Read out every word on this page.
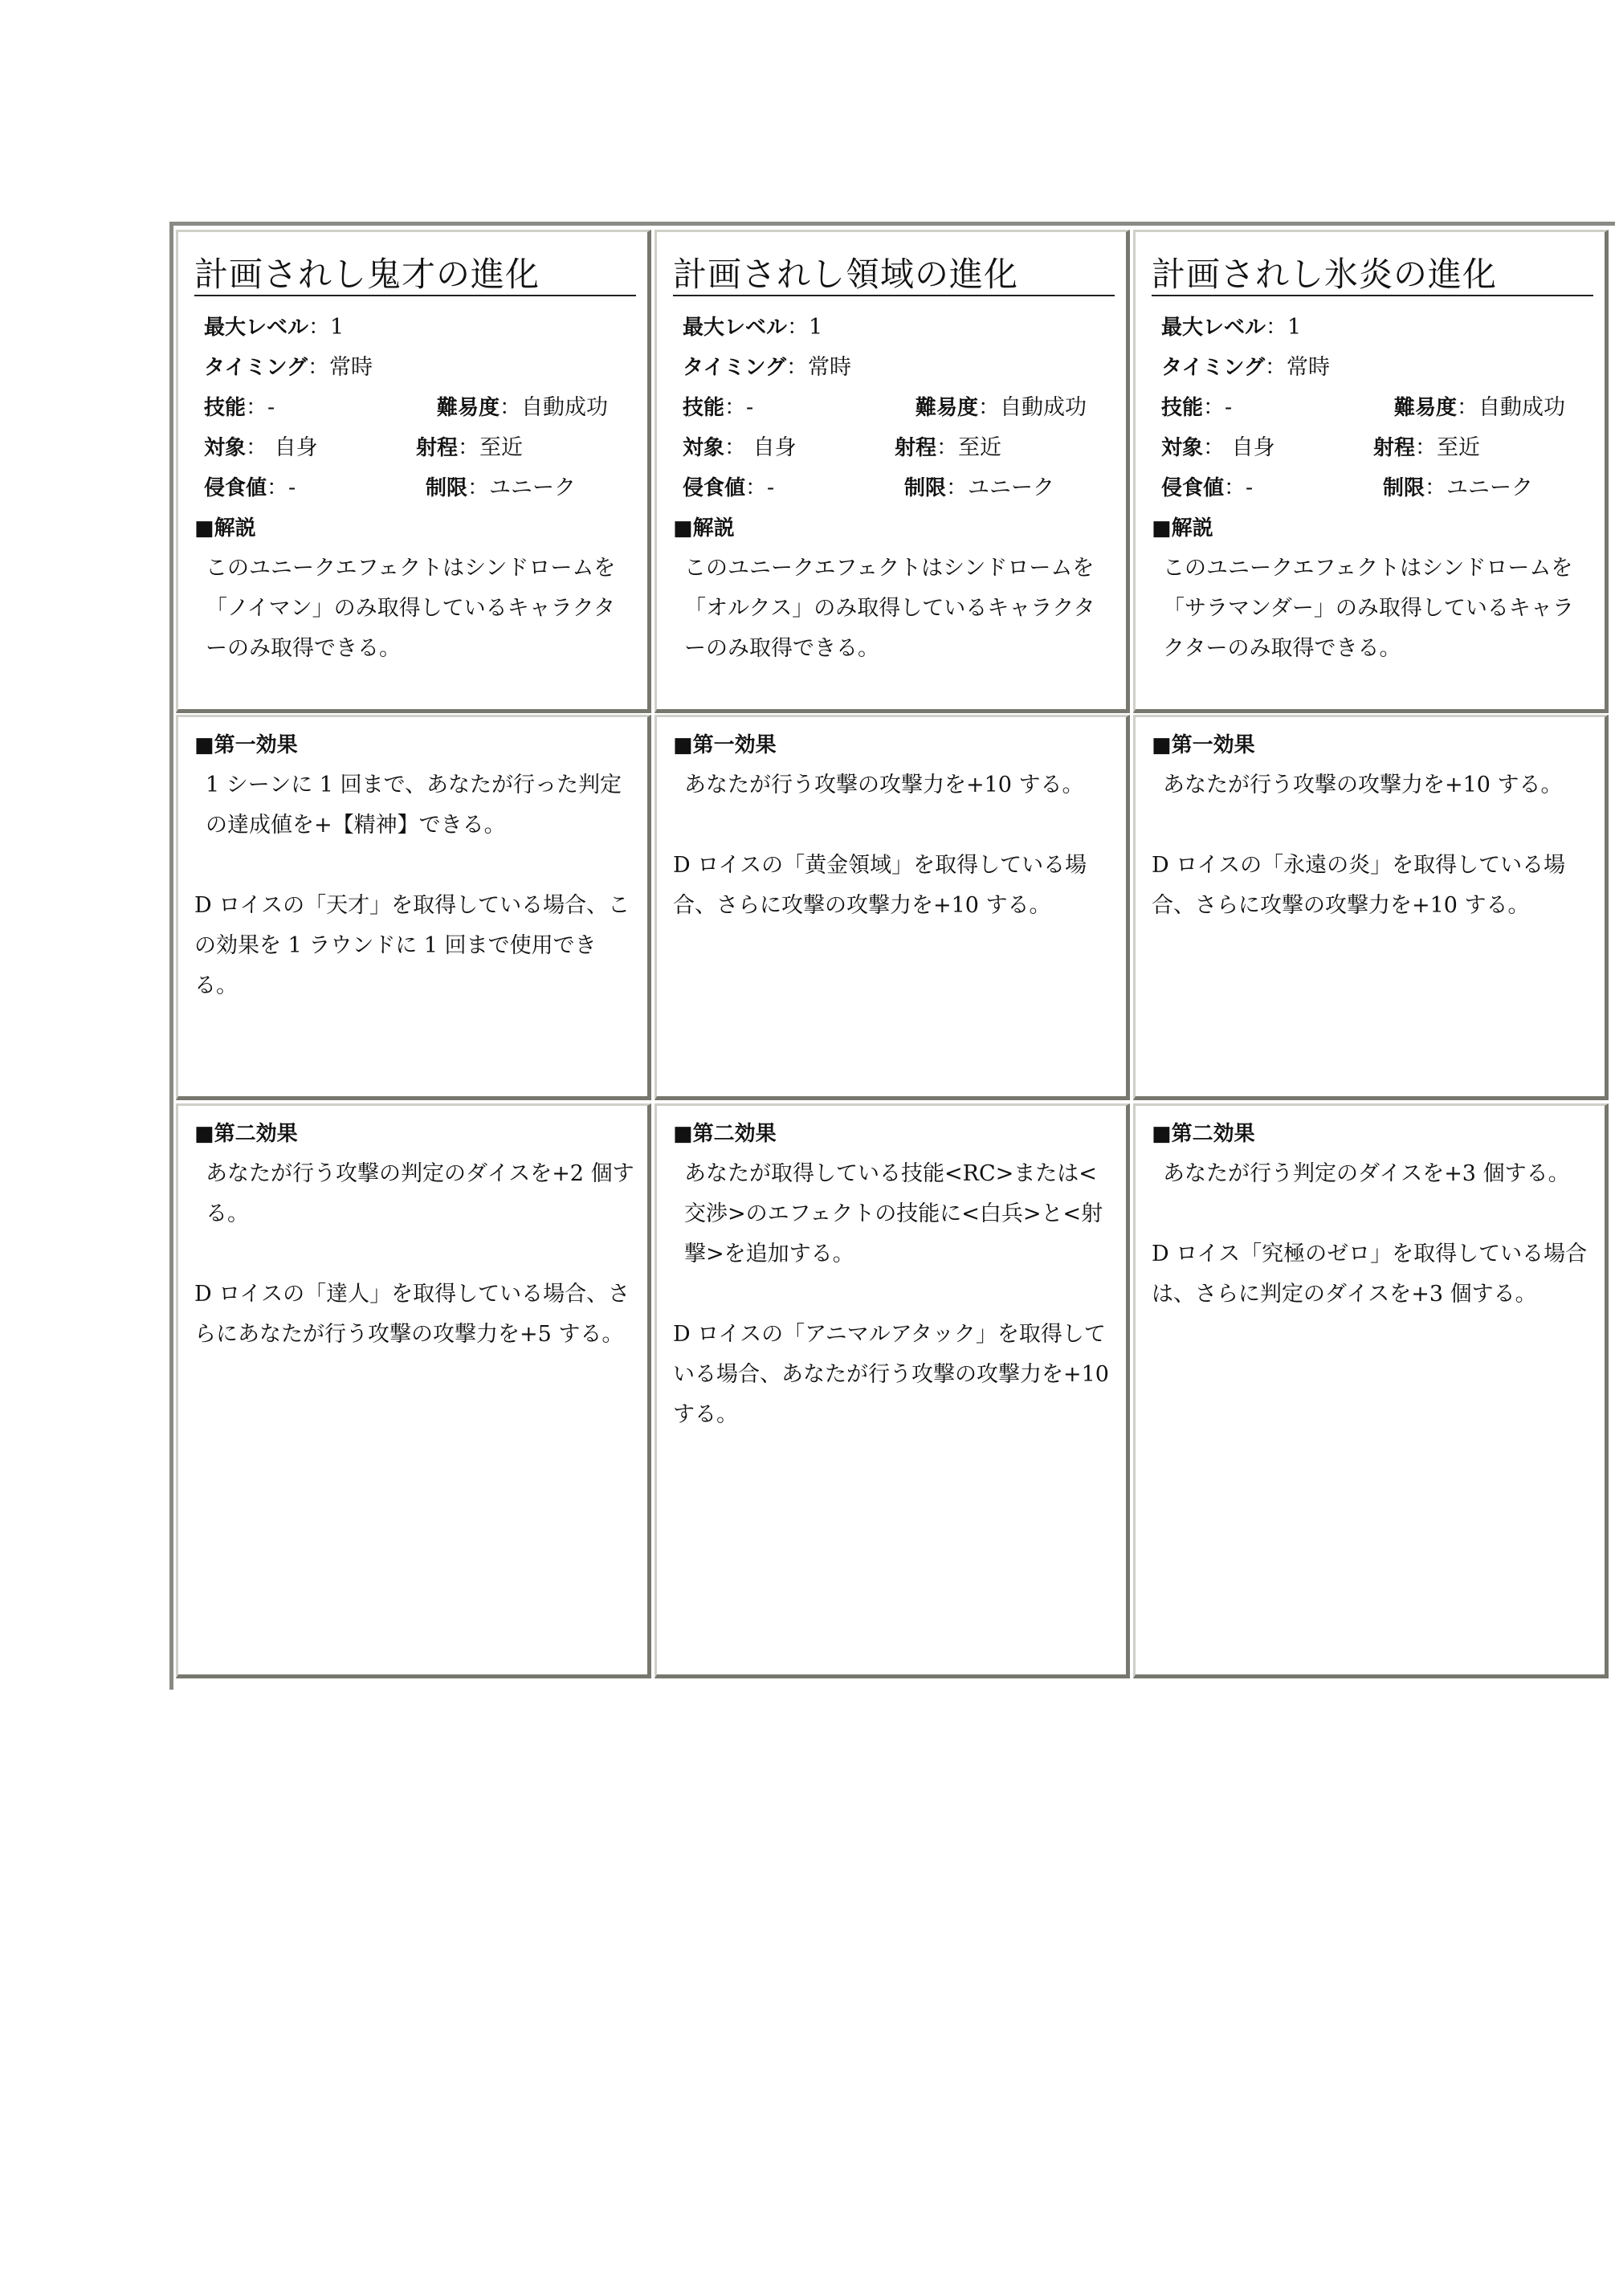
計画されし鬼才の進化
最大レベル：1
タイミング：常時
技能：-	難易度：自動成功
対象： 自身	射程：至近
侵食値：-	制限：ユニーク
■解説

このユニークエフェクトはシンドロームを「ノイマン」のみ取得しているキャラクターのみ取得できる。

■第一効果

1 シーンに 1 回まで、あなたが行った判定の達成値を+【精神】できる。

D ロイスの「天才」を取得している場合、この効果を 1 ラウンドに 1 回まで使用できる。

■第二効果

あなたが行う攻撃の判定のダイスを+2 個する。

D ロイスの「達人」を取得している場合、さらにあなたが行う攻撃の攻撃力を+5 する。

計画されし領域の進化
最大レベル：1
タイミング：常時
技能：-	難易度：自動成功
対象： 自身	射程：至近
侵食値：-	制限：ユニーク
■解説

このユニークエフェクトはシンドロームを「オルクス」のみ取得しているキャラクターのみ取得できる。

■第一効果

あなたが行う攻撃の攻撃力を+10 する。

D ロイスの「黄金領域」を取得している場合、さらに攻撃の攻撃力を+10 する。

■第二効果

あなたが取得している技能<RC>または<交渉>のエフェクトの技能に<白兵>と<射撃>を追加する。

D ロイスの「アニマルアタック」を取得している場合、あなたが行う攻撃の攻撃力を+10 する。

計画されし氷炎の進化
最大レベル：1
タイミング：常時
技能：-	難易度：自動成功
対象： 自身	射程：至近
侵食値：-	制限：ユニーク
■解説

このユニークエフェクトはシンドロームを「サラマンダー」のみ取得しているキャラクターのみ取得できる。

■第一効果

あなたが行う攻撃の攻撃力を+10 する。

D ロイスの「永遠の炎」を取得している場合、さらに攻撃の攻撃力を+10 する。

■第二効果

あなたが行う判定のダイスを+3 個する。

D ロイス「究極のゼロ」を取得している場合は、さらに判定のダイスを+3 個する。
